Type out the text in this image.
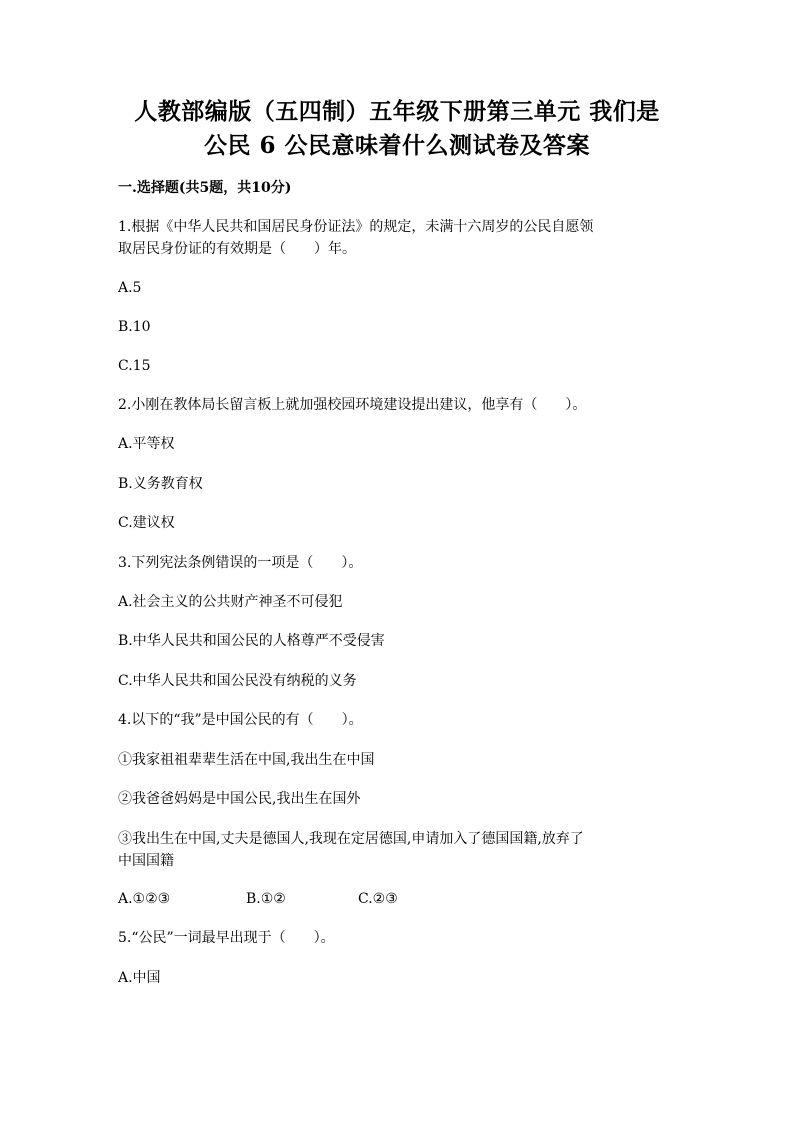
人教部编版（五四制）五年级下册第三单元 我们是
公民 6 公民意味着什么测试卷及答案
一.选择题(共5题，共10分)
1.根据《中华人民共和国居民身份证法》的规定，未满十六周岁的公民自愿领
取居民身份证的有效期是（　　）年。
A.5
B.10
C.15
2.小刚在教体局长留言板上就加强校园环境建设提出建议，他享有（　　）。
A.平等权
B.义务教育权
C.建议权
3.下列宪法条例错误的一项是（　　）。
A.社会主义的公共财产神圣不可侵犯
B.中华人民共和国公民的人格尊严不受侵害
C.中华人民共和国公民没有纳税的义务
4.以下的“我”是中国公民的有（　　）。
①我家祖祖辈辈生活在中国,我出生在中国
②我爸爸妈妈是中国公民,我出生在国外
③我出生在中国,丈夫是德国人,我现在定居德国,申请加入了德国国籍,放弃了
中国国籍
A.①②③	B.①②	C.②③
5.“公民”一词最早出现于（　　）。
A.中国
